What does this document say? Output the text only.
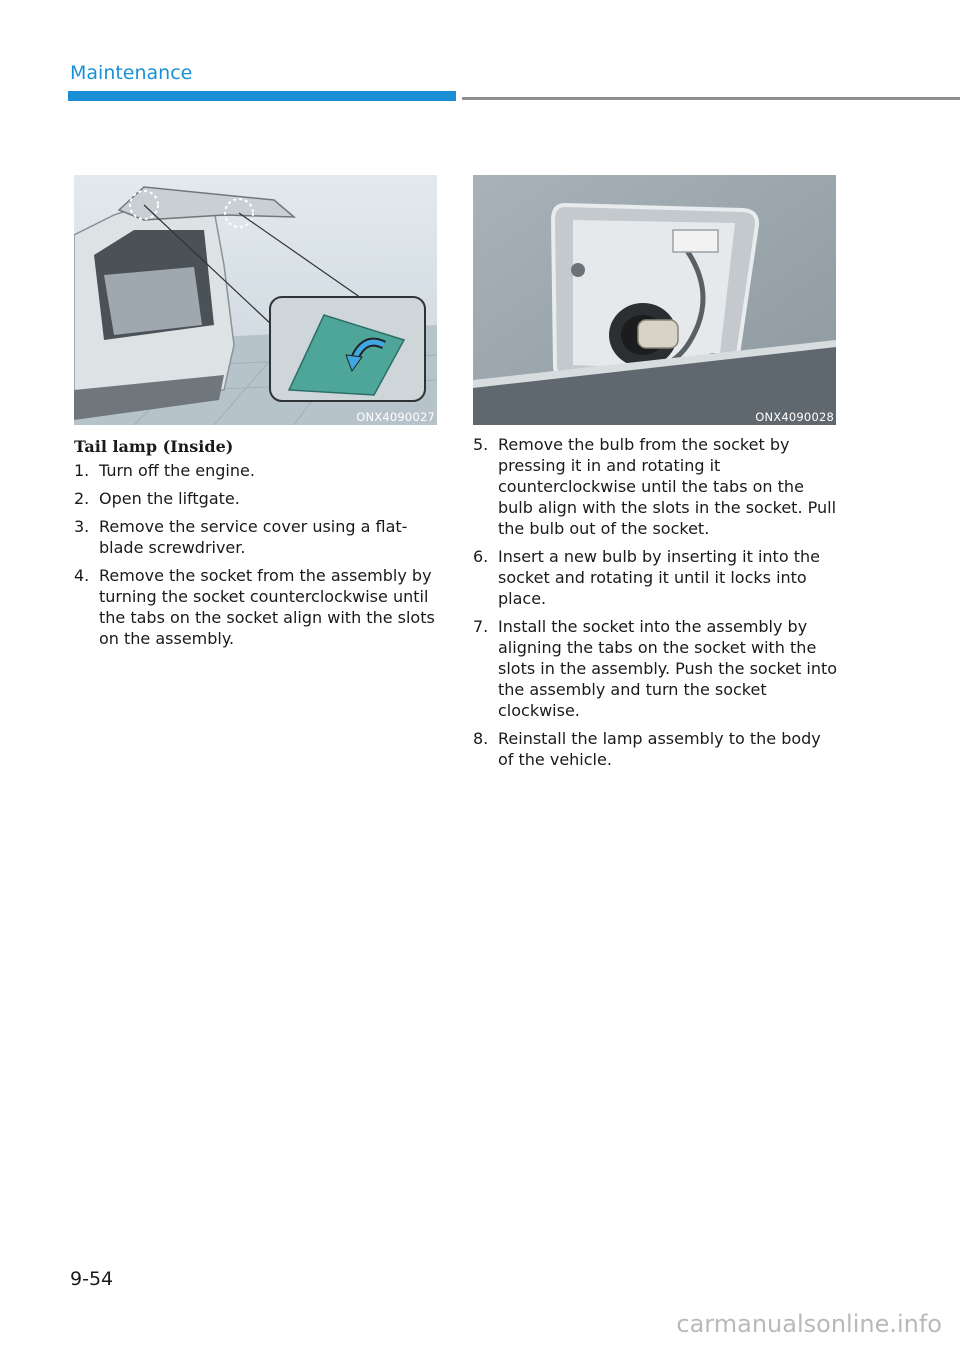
Maintenance
ONX4090027	ONX4090028
Tail lamp (Inside)
1. Turn off the engine.
2. Open the liftgate.
3. Remove the service cover using a flat-blade screwdriver.
4. Remove the socket from the assembly by turning the socket counterclockwise until the tabs on the socket align with the slots on the assembly.
5. Remove the bulb from the socket by pressing it in and rotating it counterclockwise until the tabs on the bulb align with the slots in the socket. Pull the bulb out of the socket.
6. Insert a new bulb by inserting it into the socket and rotating it until it locks into place.
7. Install the socket into the assembly by aligning the tabs on the socket with the slots in the assembly. Push the socket into the assembly and turn the socket clockwise.
8. Reinstall the lamp assembly to the body of the vehicle.
9-54
carmanualsonline.info
